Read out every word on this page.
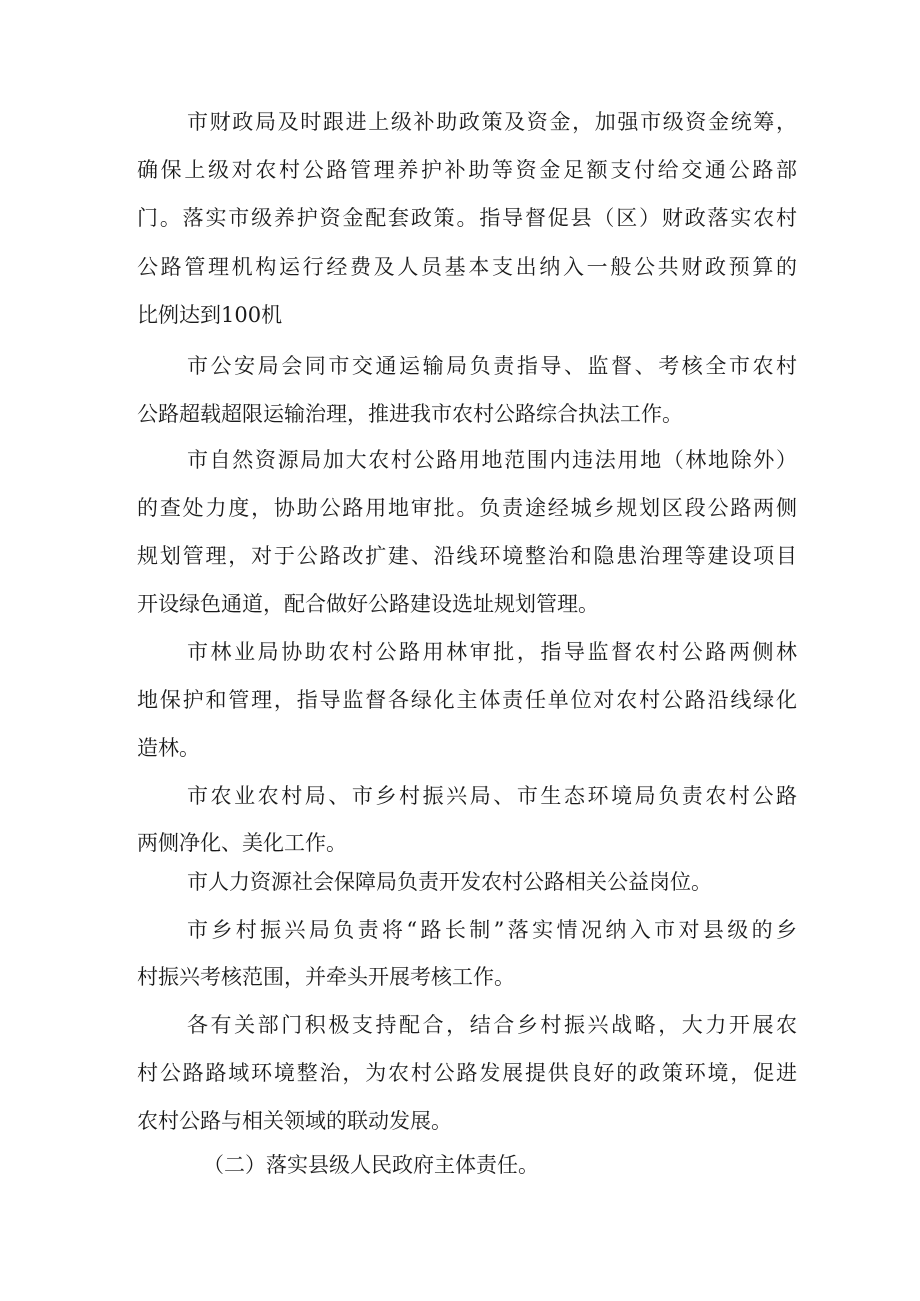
市财政局及时跟进上级补助政策及资金，加强市级资金统筹，
确保上级对农村公路管理养护补助等资金足额支付给交通公路部
门。落实市级养护资金配套政策。指导督促县（区）财政落实农村
公路管理机构运行经费及人员基本支出纳入一般公共财政预算的
比例达到100机
市公安局会同市交通运输局负责指导、监督、考核全市农村
公路超载超限运输治理，推进我市农村公路综合执法工作。
市自然资源局加大农村公路用地范围内违法用地（林地除外）
的查处力度，协助公路用地审批。负责途经城乡规划区段公路两侧
规划管理，对于公路改扩建、沿线环境整治和隐患治理等建设项目
开设绿色通道，配合做好公路建设选址规划管理。
市林业局协助农村公路用林审批，指导监督农村公路两侧林
地保护和管理，指导监督各绿化主体责任单位对农村公路沿线绿化
造林。
市农业农村局、市乡村振兴局、市生态环境局负责农村公路
两侧净化、美化工作。
市人力资源社会保障局负责开发农村公路相关公益岗位。
市乡村振兴局负责将“路长制”落实情况纳入市对县级的乡
村振兴考核范围，并牵头开展考核工作。
各有关部门积极支持配合，结合乡村振兴战略，大力开展农
村公路路域环境整治，为农村公路发展提供良好的政策环境，促进
农村公路与相关领域的联动发展。
（二）落实县级人民政府主体责任。
